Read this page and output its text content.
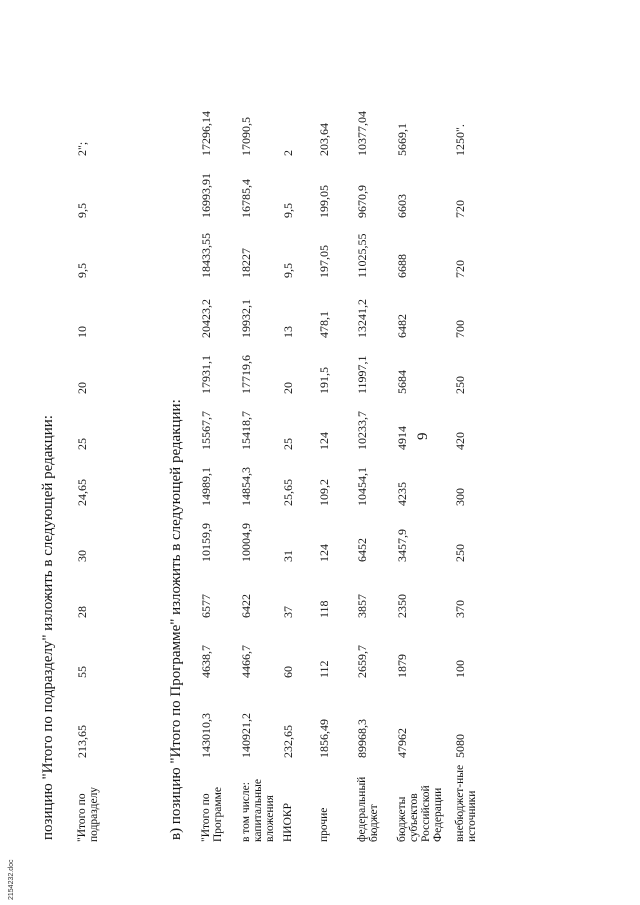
9
позицию "Итого по подразделу" изложить в следующей редакции:	в) позицию "Итого по Программе" изложить в следующей редакции:
"Итого по подразделу
213,65
55
28
30
24,65
25
20
10
9,5
9,5
2";
"Итого по Программе
143010,3
4638,7
6577
10159,9
14989,1
15567,7
17931,1
20423,2
18433,55
16993,91
17296,14
в том числе: капитальные вложения
140921,2
4466,7
6422
10004,9
14854,3
15418,7
17719,6
19932,1
18227
16785,4
17090,5
НИОКР
232,65
60
37
31
25,65
25
20
13
9,5
9,5
2
прочие
1856,49
112
118
124
109,2
124
191,5
478,1
197,05
199,05
203,64
федеральный бюджет
89968,3
2659,7
3857
6452
10454,1
10233,7
11997,1
13241,2
11025,55
9670,9
10377,04
бюджеты субъектов Российской Федерации
47962
1879
2350
3457,9
4235
4914
5684
6482
6688
6603
5669,1
внебюджет-ные источники
5080
100
370
250
300
420
250
700
720
720
1250".
2154232.doc
